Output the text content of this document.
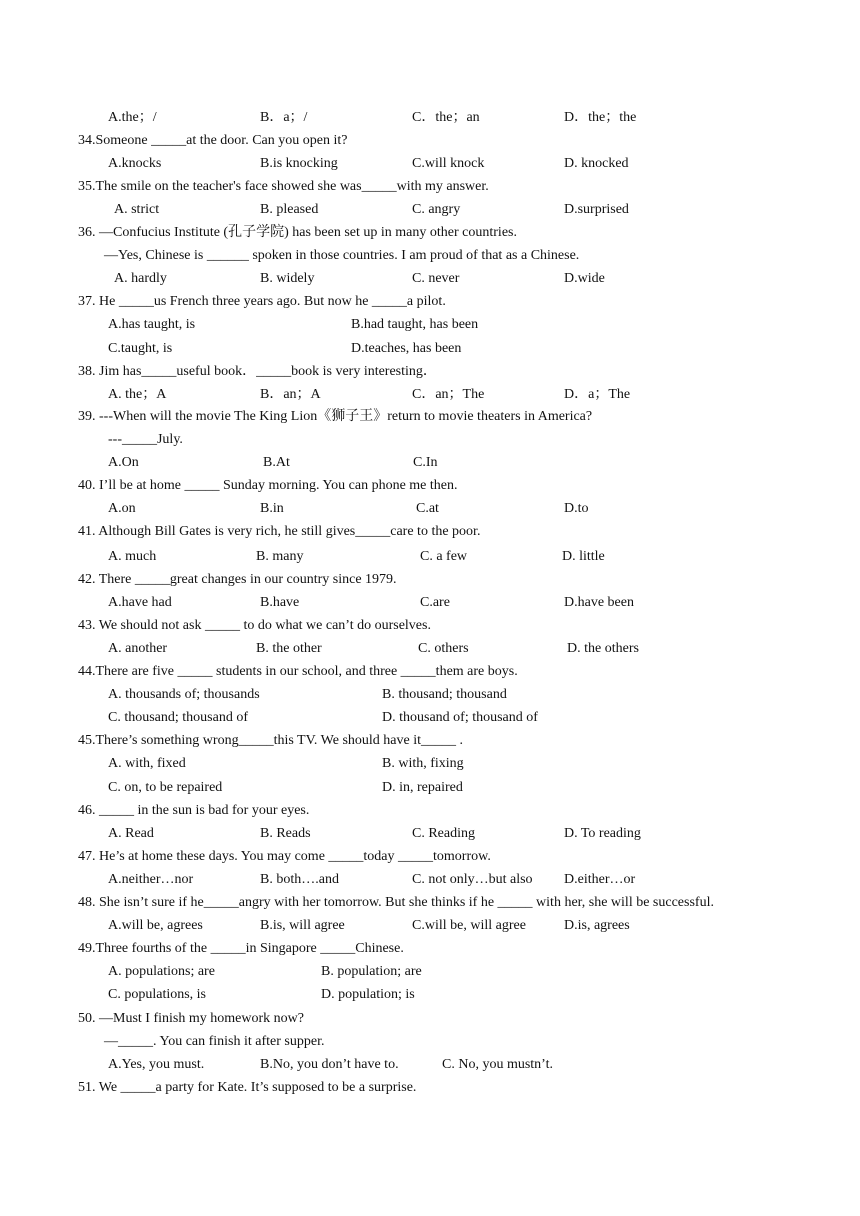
A.the；/	B．a；/	C．the；an	D．the；the
34.Someone _____at the door. Can you open it?
A.knocks	B.is knocking	C.will knock	D. knocked
35.The smile on the teacher's face showed she was_____with my answer.
A. strict	B. pleased	C. angry	D.surprised
36. —Confucius Institute (孔子学院) has been set up in many other countries.
—Yes, Chinese is ______ spoken in those countries. I am proud of that as a Chinese.
A. hardly	B. widely	C. never	D.wide
37. He _____us French three years ago. But now he _____a pilot.
A.has taught, is	B.had taught, has been
C.taught, is	D.teaches, has been
38. Jim has_____useful book．_____book is very interesting．
A. the；A	B．an；A	C．an；The	D．a；The
39. ---When will the movie The King Lion《狮子王》return to movie theaters in America?
---_____July.
A.On	B.At	C.In
40. I’ll be at home _____ Sunday morning. You can phone me then.
A.on	B.in	C.at	D.to
41. Although Bill Gates is very rich, he still gives_____care to the poor.
A. much	B. many	C. a few	D. little
42. There _____great changes in our country since 1979.
A.have had	B.have	C.are	D.have been
43. We should not ask _____ to do what we can’t do ourselves.
A. another	B. the other	C. others	D. the others
44.There are five _____ students in our school, and three _____them are boys.
A. thousands of; thousands	B. thousand; thousand
C. thousand; thousand of	D. thousand of; thousand of
45.There’s something wrong_____this TV. We should have it_____ .
A. with, fixed	B. with, fixing
C. on, to be repaired	D. in, repaired
46. _____ in the sun is bad for your eyes.
A. Read	B. Reads	C. Reading	D. To reading
47. He’s at home these days. You may come _____today _____tomorrow.
A.neither…nor	B. both….and	C. not only…but also D.either…or
48. She isn’t sure if he_____angry with her tomorrow. But she thinks if he _____ with her, she will be successful.
A.will be, agrees	B.is, will agree	C.will be, will agree	D.is, agrees
49.Three fourths of the _____in Singapore _____Chinese.
A. populations; are	B. population; are
C. populations, is	D. population; is
50. —Must I finish my homework now?
—_____. You can finish it after supper.
A.Yes, you must.	B.No, you don’t have to.	C. No, you mustn’t.
51. We _____a party for Kate. It’s supposed to be a surprise.
